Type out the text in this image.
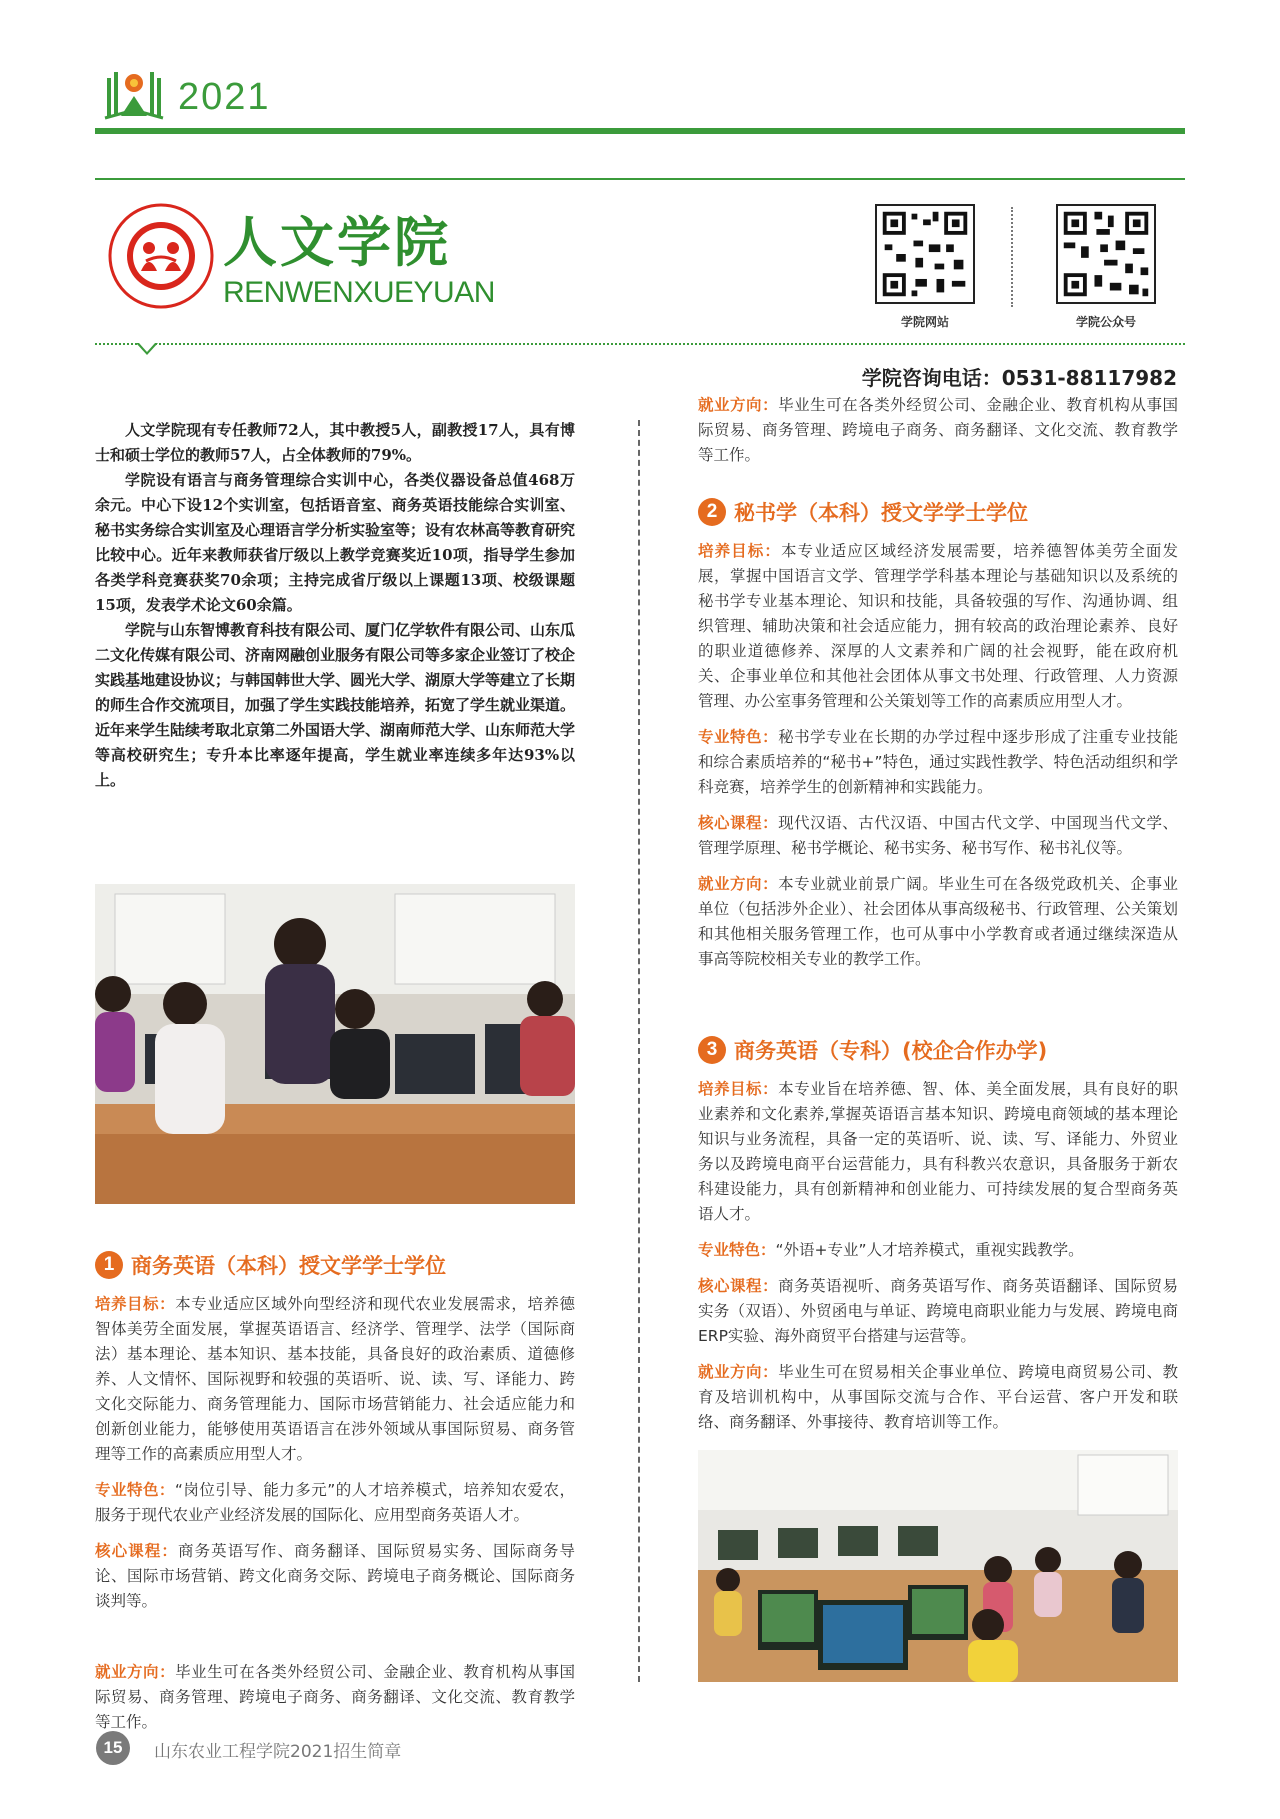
2021
人文学院
RENWENXUEYUAN
学院网站	学院公众号
学院咨询电话：0531-88117982

人文学院现有专任教师72人，其中教授5人，副教授17人，具有博士和硕士学位的教师57人，占全体教师的79%。

学院设有语言与商务管理综合实训中心，各类仪器设备总值468万余元。中心下设12个实训室，包括语音室、商务英语技能综合实训室、秘书实务综合实训室及心理语言学分析实验室等；设有农林高等教育研究比较中心。近年来教师获省厅级以上教学竞赛奖近10项，指导学生参加各类学科竞赛获奖70余项；主持完成省厅级以上课题13项、校级课题15项，发表学术论文60余篇。

学院与山东智博教育科技有限公司、厦门亿学软件有限公司、山东瓜二文化传媒有限公司、济南网融创业服务有限公司等多家企业签订了校企实践基地建设协议；与韩国韩世大学、圆光大学、湖原大学等建立了长期的师生合作交流项目，加强了学生实践技能培养，拓宽了学生就业渠道。近年来学生陆续考取北京第二外国语大学、湖南师范大学、山东师范大学等高校研究生；专升本比率逐年提高，学生就业率连续多年达93%以上。

1 商务英语（本科）授文学学士学位

培养目标：本专业适应区域外向型经济和现代农业发展需求，培养德智体美劳全面发展，掌握英语语言、经济学、管理学、法学（国际商法）基本理论、基本知识、基本技能，具备良好的政治素质、道德修养、人文情怀、国际视野和较强的英语听、说、读、写、译能力、跨文化交际能力、商务管理能力、国际市场营销能力、社会适应能力和创新创业能力，能够使用英语语言在涉外领域从事国际贸易、商务管理等工作的高素质应用型人才。

专业特色：“岗位引导、能力多元”的人才培养模式，培养知农爱农，服务于现代农业产业经济发展的国际化、应用型商务英语人才。

核心课程：商务英语写作、商务翻译、国际贸易实务、国际商务导论、国际市场营销、跨文化商务交际、跨境电子商务概论、国际商务谈判等。

就业方向：毕业生可在各类外经贸公司、金融企业、教育机构从事国际贸易、商务管理、跨境电子商务、商务翻译、文化交流、教育教学等工作。

就业方向：毕业生可在各类外经贸公司、金融企业、教育机构从事国际贸易、商务管理、跨境电子商务、商务翻译、文化交流、教育教学等工作。

2 秘书学（本科）授文学学士学位

培养目标：本专业适应区域经济发展需要，培养德智体美劳全面发展，掌握中国语言文学、管理学学科基本理论与基础知识以及系统的秘书学专业基本理论、知识和技能，具备较强的写作、沟通协调、组织管理、辅助决策和社会适应能力，拥有较高的政治理论素养、良好的职业道德修养、深厚的人文素养和广阔的社会视野，能在政府机关、企事业单位和其他社会团体从事文书处理、行政管理、人力资源管理、办公室事务管理和公关策划等工作的高素质应用型人才。

专业特色：秘书学专业在长期的办学过程中逐步形成了注重专业技能和综合素质培养的“秘书+”特色，通过实践性教学、特色活动组织和学科竞赛，培养学生的创新精神和实践能力。

核心课程：现代汉语、古代汉语、中国古代文学、中国现当代文学、管理学原理、秘书学概论、秘书实务、秘书写作、秘书礼仪等。

就业方向：本专业就业前景广阔。毕业生可在各级党政机关、企事业单位（包括涉外企业）、社会团体从事高级秘书、行政管理、公关策划和其他相关服务管理工作，也可从事中小学教育或者通过继续深造从事高等院校相关专业的教学工作。

3 商务英语（专科）(校企合作办学)

培养目标：本专业旨在培养德、智、体、美全面发展，具有良好的职业素养和文化素养,掌握英语语言基本知识、跨境电商领域的基本理论知识与业务流程，具备一定的英语听、说、读、写、译能力、外贸业务以及跨境电商平台运营能力，具有科教兴农意识，具备服务于新农科建设能力，具有创新精神和创业能力、可持续发展的复合型商务英语人才。

专业特色：“外语+专业”人才培养模式，重视实践教学。

核心课程：商务英语视听、商务英语写作、商务英语翻译、国际贸易实务（双语）、外贸函电与单证、跨境电商职业能力与发展、跨境电商ERP实验、海外商贸平台搭建与运营等。

就业方向：毕业生可在贸易相关企事业单位、跨境电商贸易公司、教育及培训机构中，从事国际交流与合作、平台运营、客户开发和联络、商务翻译、外事接待、教育培训等工作。

15	山东农业工程学院2021招生简章
